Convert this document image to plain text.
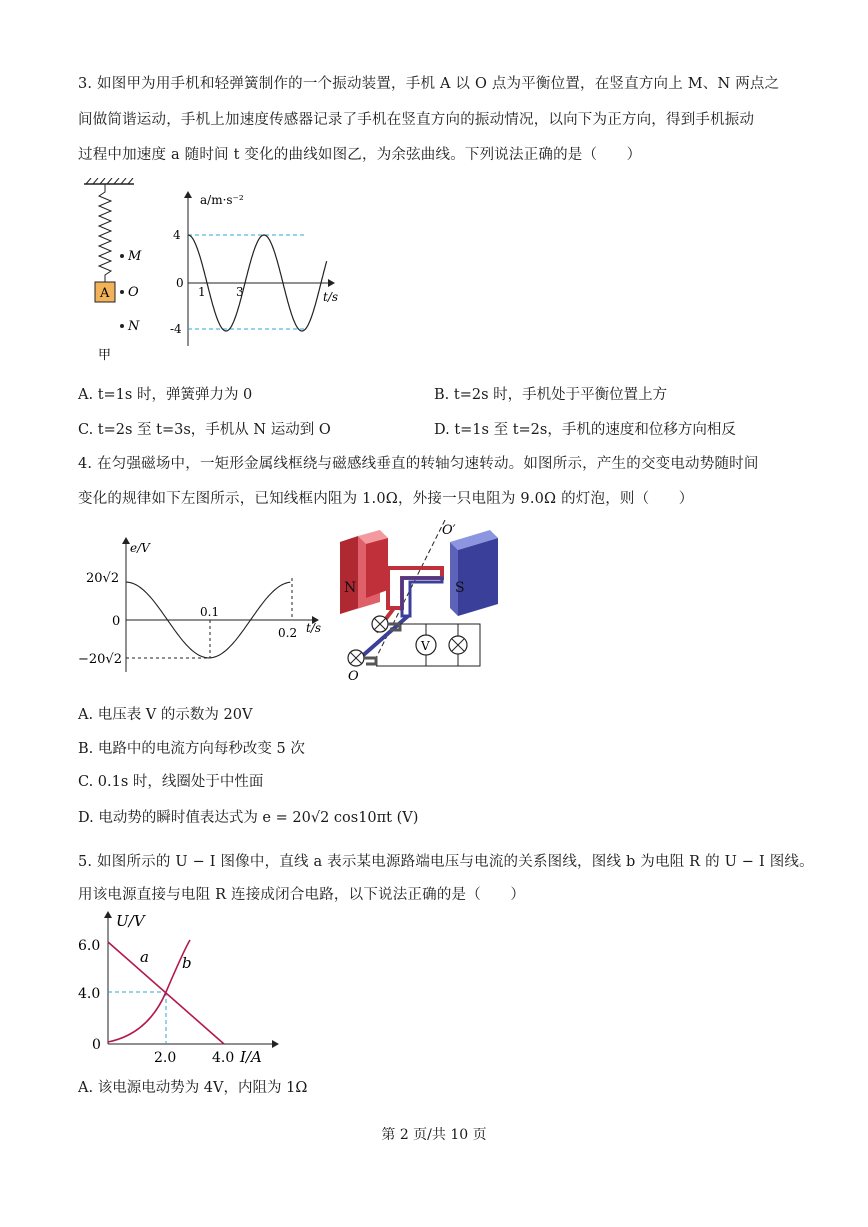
3. 如图甲为用手机和轻弹簧制作的一个振动装置，手机 A 以 O 点为平衡位置，在竖直方向上 M、N 两点之
间做简谐运动，手机上加速度传感器记录了手机在竖直方向的振动情况，以向下为正方向，得到手机振动
过程中加速度 a 随时间 t 变化的曲线如图乙，为余弦曲线。下列说法正确的是（　　）
A
M
O
N
甲
a/m·s⁻²
t/s
4
0
-4
1	3
A. t=1s 时，弹簧弹力为 0	B. t=2s 时，手机处于平衡位置上方
C. t=2s 至 t=3s，手机从 N 运动到 O	D. t=1s 至 t=2s，手机的速度和位移方向相反
4. 在匀强磁场中，一矩形金属线框绕与磁感线垂直的转轴匀速转动。如图所示，产生的交变电动势随时间
变化的规律如下左图所示，已知线框内阻为 1.0Ω，外接一只电阻为 9.0Ω 的灯泡，则（　　）
e/V
t/s
20√2
0
−20√2
0.1
0.2
N	S
O′
O
V
A. 电压表 V 的示数为 20V
B. 电路中的电流方向每秒改变 5 次
C. 0.1s 时，线圈处于中性面
D. 电动势的瞬时值表达式为 e = 20√2 cos10πt (V)
5. 如图所示的 U − I 图像中，直线 a 表示某电源路端电压与电流的关系图线，图线 b 为电阻 R 的 U − I 图线。
用该电源直接与电阻 R 连接成闭合电路，以下说法正确的是（　　）
U/V
I/A
6.0
4.0
0
2.0	4.0
a b
A. 该电源电动势为 4V，内阻为 1Ω
第 2 页/共 10 页
